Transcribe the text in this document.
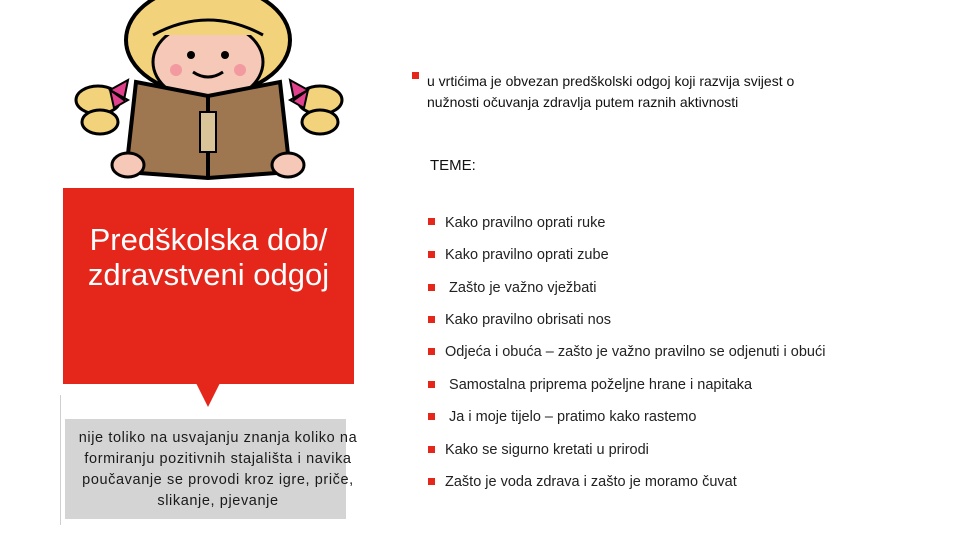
u vrtićima je obvezan predškolski odgoj koji razvija svijest o nužnosti očuvanja zdravlja putem raznih aktivnosti
TEME:
Predškolska dob/ zdravstveni odgoj
nije toliko na usvajanju znanja koliko na formiranju pozitivnih stajališta i navika poučavanje se provodi kroz igre, priče, slikanje, pjevanje
Kako pravilno oprati ruke
Kako pravilno oprati zube
Zašto je važno vježbati
Kako pravilno obrisati nos
Odjeća i obuća – zašto je važno pravilno se odjenuti i obući
Samostalna priprema poželjne hrane i napitaka
Ja i moje tijelo – pratimo kako rastemo
Kako se sigurno kretati u prirodi
Zašto je voda zdrava i zašto je moramo čuvat
